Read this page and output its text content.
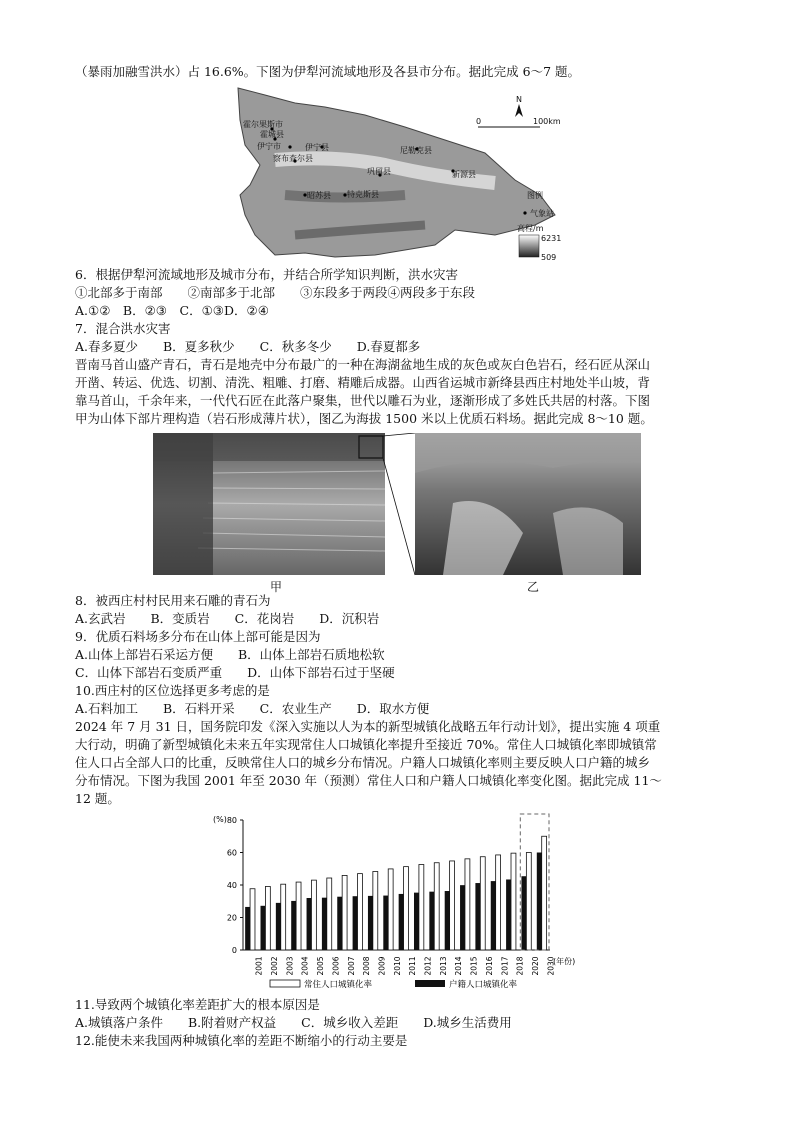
（暴雨加融雪洪水）占 16.6%。下图为伊犁河流域地形及各县市分布。据此完成 6～7 题。
N
0	100km
霍尔果斯市
霍城县
伊宁市	伊宁县
察布查尔县
尼勒克县
巩留县	新源县
昭苏县 特克斯县	图例
气象站
高程/m
6231
509
6．根据伊犁河流域地形及城市分布，并结合所学知识判断，洪水灾害
①北部多于南部　　②南部多于北部　　③东段多于两段④两段多于东段
A.①②　B．②③　C．①③D．②④
7．混合洪水灾害
A.春多夏少　　B．夏多秋少　　C．秋多冬少　　D.春夏都多
晋南马首山盛产青石，青石是地壳中分布最广的一种在海湖盆地生成的灰色或灰白色岩石，经石匠从深山
开凿、转运、优选、切割、清洗、粗雕、打磨、精雕后成器。山西省运城市新绛县西庄村地处半山坡，背
靠马首山，千余年来，一代代石匠在此落户聚集，世代以雕石为业，逐渐形成了多姓氏共居的村落。下图
甲为山体下部片理构造（岩石形成薄片状），图乙为海拔 1500 米以上优质石料场。据此完成 8～10 题。
甲	乙
8．被西庄村村民用来石雕的青石为
A.玄武岩　　B．变质岩　　C．花岗岩　　D．沉积岩
9．优质石料场多分布在山体上部可能是因为
A.山体上部岩石采运方便　　B．山体上部岩石质地松软
C．山体下部岩石变质严重　　D．山体下部岩石过于坚硬
10.西庄村的区位选择更多考虑的是
A.石料加工　　B．石料开采　　C．农业生产　　D．取水方便
2024 年 7 月 31 日，国务院印发《深入实施以人为本的新型城镇化战略五年行动计划》，提出实施 4 项重
大行动，明确了新型城镇化未来五年实现常住人口城镇化率提升至接近 70%。常住人口城镇化率即城镇常
住人口占全部人口的比重，反映常住人口的城乡分布情况。户籍人口城镇化率则主要反映人口户籍的城乡
分布情况。下图为我国 2001 年至 2030 年（预测）常住人口和户籍人口城镇化率变化图。据此完成 11～
12 题。
(%)
0
20
40
60
80
2001 2002 2003 2004 2005 2006 2007 2008 2009 2010 2011 2012 2013 2014 2015 2016 2017 2018 2020 2030
(年份)
常住人口城镇化率	户籍人口城镇化率
11.导致两个城镇化率差距扩大的根本原因是
A.城镇落户条件　　B.附着财产权益　　C．城乡收入差距　　D.城乡生活费用
12.能使未来我国两种城镇化率的差距不断缩小的行动主要是
